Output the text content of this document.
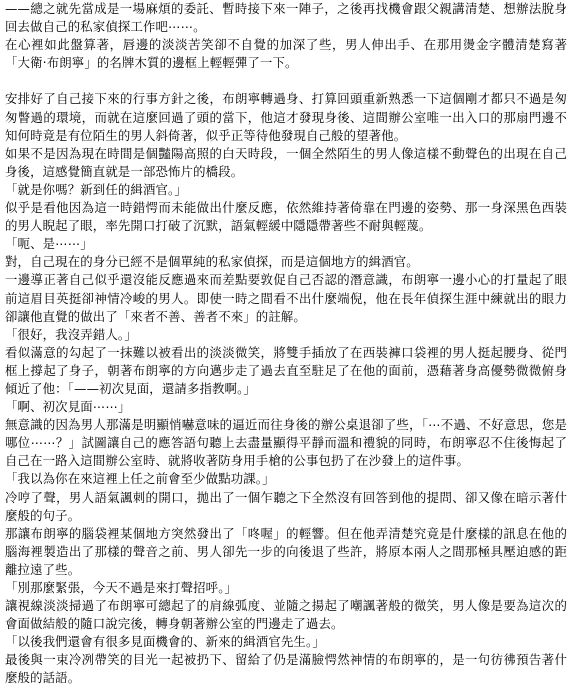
——總之就先當成是一場麻煩的委託、暫時接下來一陣子，之後再找機會跟父親講清楚、想辦法脫身回去做自己的私家偵探工作吧⋯⋯。

在心裡如此盤算著，唇邊的淡淡苦笑卻不自覺的加深了些，男人伸出手、在那用燙金字體清楚寫著「大衛‧布朗寧」的名牌木質的邊框上輕輕彈了一下。

安排好了自己接下來的行事方針之後，布朗寧轉過身、打算回頭重新熟悉一下這個剛才都只不過是匆匆瞥過的環境，而就在這麼回過了頭的當下，他這才發現身後、這間辦公室唯一出入口的那扇門邊不知何時竟是有位陌生的男人斜倚著，似乎正等待他發現自己般的望著他。

如果不是因為現在時間是個豔陽高照的白天時段，一個全然陌生的男人像這樣不動聲色的出現在自己身後，這感覺簡直就是一部恐怖片的橋段。

「就是你嗎？新到任的緝酒官。」

似乎是看他因為這一時錯愕而未能做出什麼反應，依然維持著倚靠在門邊的姿勢、那一身深黑色西裝的男人睨起了眼，率先開口打破了沉默，語氣輕緩中隱隱帶著些不耐與輕蔑。

「呃、是⋯⋯」

對，自己現在的身分已經不是個單純的私家偵探，而是這個地方的緝酒官。

一邊導正著自己似乎還沒能反應過來而差點要敦促自己否認的潛意識，布朗寧一邊小心的打量起了眼前這眉目英挺卻神情冷峻的男人。即使一時之間看不出什麼端倪，他在長年偵探生涯中練就出的眼力卻讓他直覺的做出了「來者不善、善者不來」的註解。

「很好，我沒弄錯人。」

看似滿意的勾起了一抹難以被看出的淡淡微笑，將雙手插放了在西裝褲口袋裡的男人挺起腰身、從門框上撐起了身子，朝著布朗寧的方向邁步走了過去直至駐足了在他的面前，憑藉著身高優勢微微俯身傾近了他：「——初次見面，還請多指教啊。」

「啊、初次見面⋯⋯」

無意識的因為男人那滿是明顯悄嚇意味的逼近而往身後的辦公桌退卻了些，「⋯不過、不好意思，您是哪位⋯⋯？」試圖讓自己的應答語句聽上去盡量顯得平靜而溫和禮貌的同時，布朗寧忍不住後悔起了自己在一路入這間辦公室時、就將收著防身用手槍的公事包扔了在沙發上的這件事。

「我以為你在來這裡上任之前會至少做點功課。」

冷哼了聲，男人語氣諷刺的開口，拋出了一個乍聽之下全然沒有回答到他的提問、卻又像在暗示著什麼般的句子。

那讓布朗寧的腦袋裡某個地方突然發出了「咚喔」的輕響。但在他弄清楚究竟是什麼樣的訊息在他的腦海裡製造出了那樣的聲音之前、男人卻先一步的向後退了些許，將原本兩人之間那極具壓迫感的距離拉遠了些。

「別那麼緊張，今天不過是來打聲招呼。」

讓視線淡淡掃過了布朗寧可總起了的肩線弧度、並隨之揚起了嘲諷著般的微笑，男人像是要為這次的會面做結般的隨口說完後，轉身朝著辦公室的門邊走了過去。

「以後我們還會有很多見面機會的、新來的緝酒官先生。」

最後與一束冷冽帶笑的目光一起被扔下、留給了仍是滿臉愕然神情的布朗寧的，是一句彷彿預告著什麼般的話語。
